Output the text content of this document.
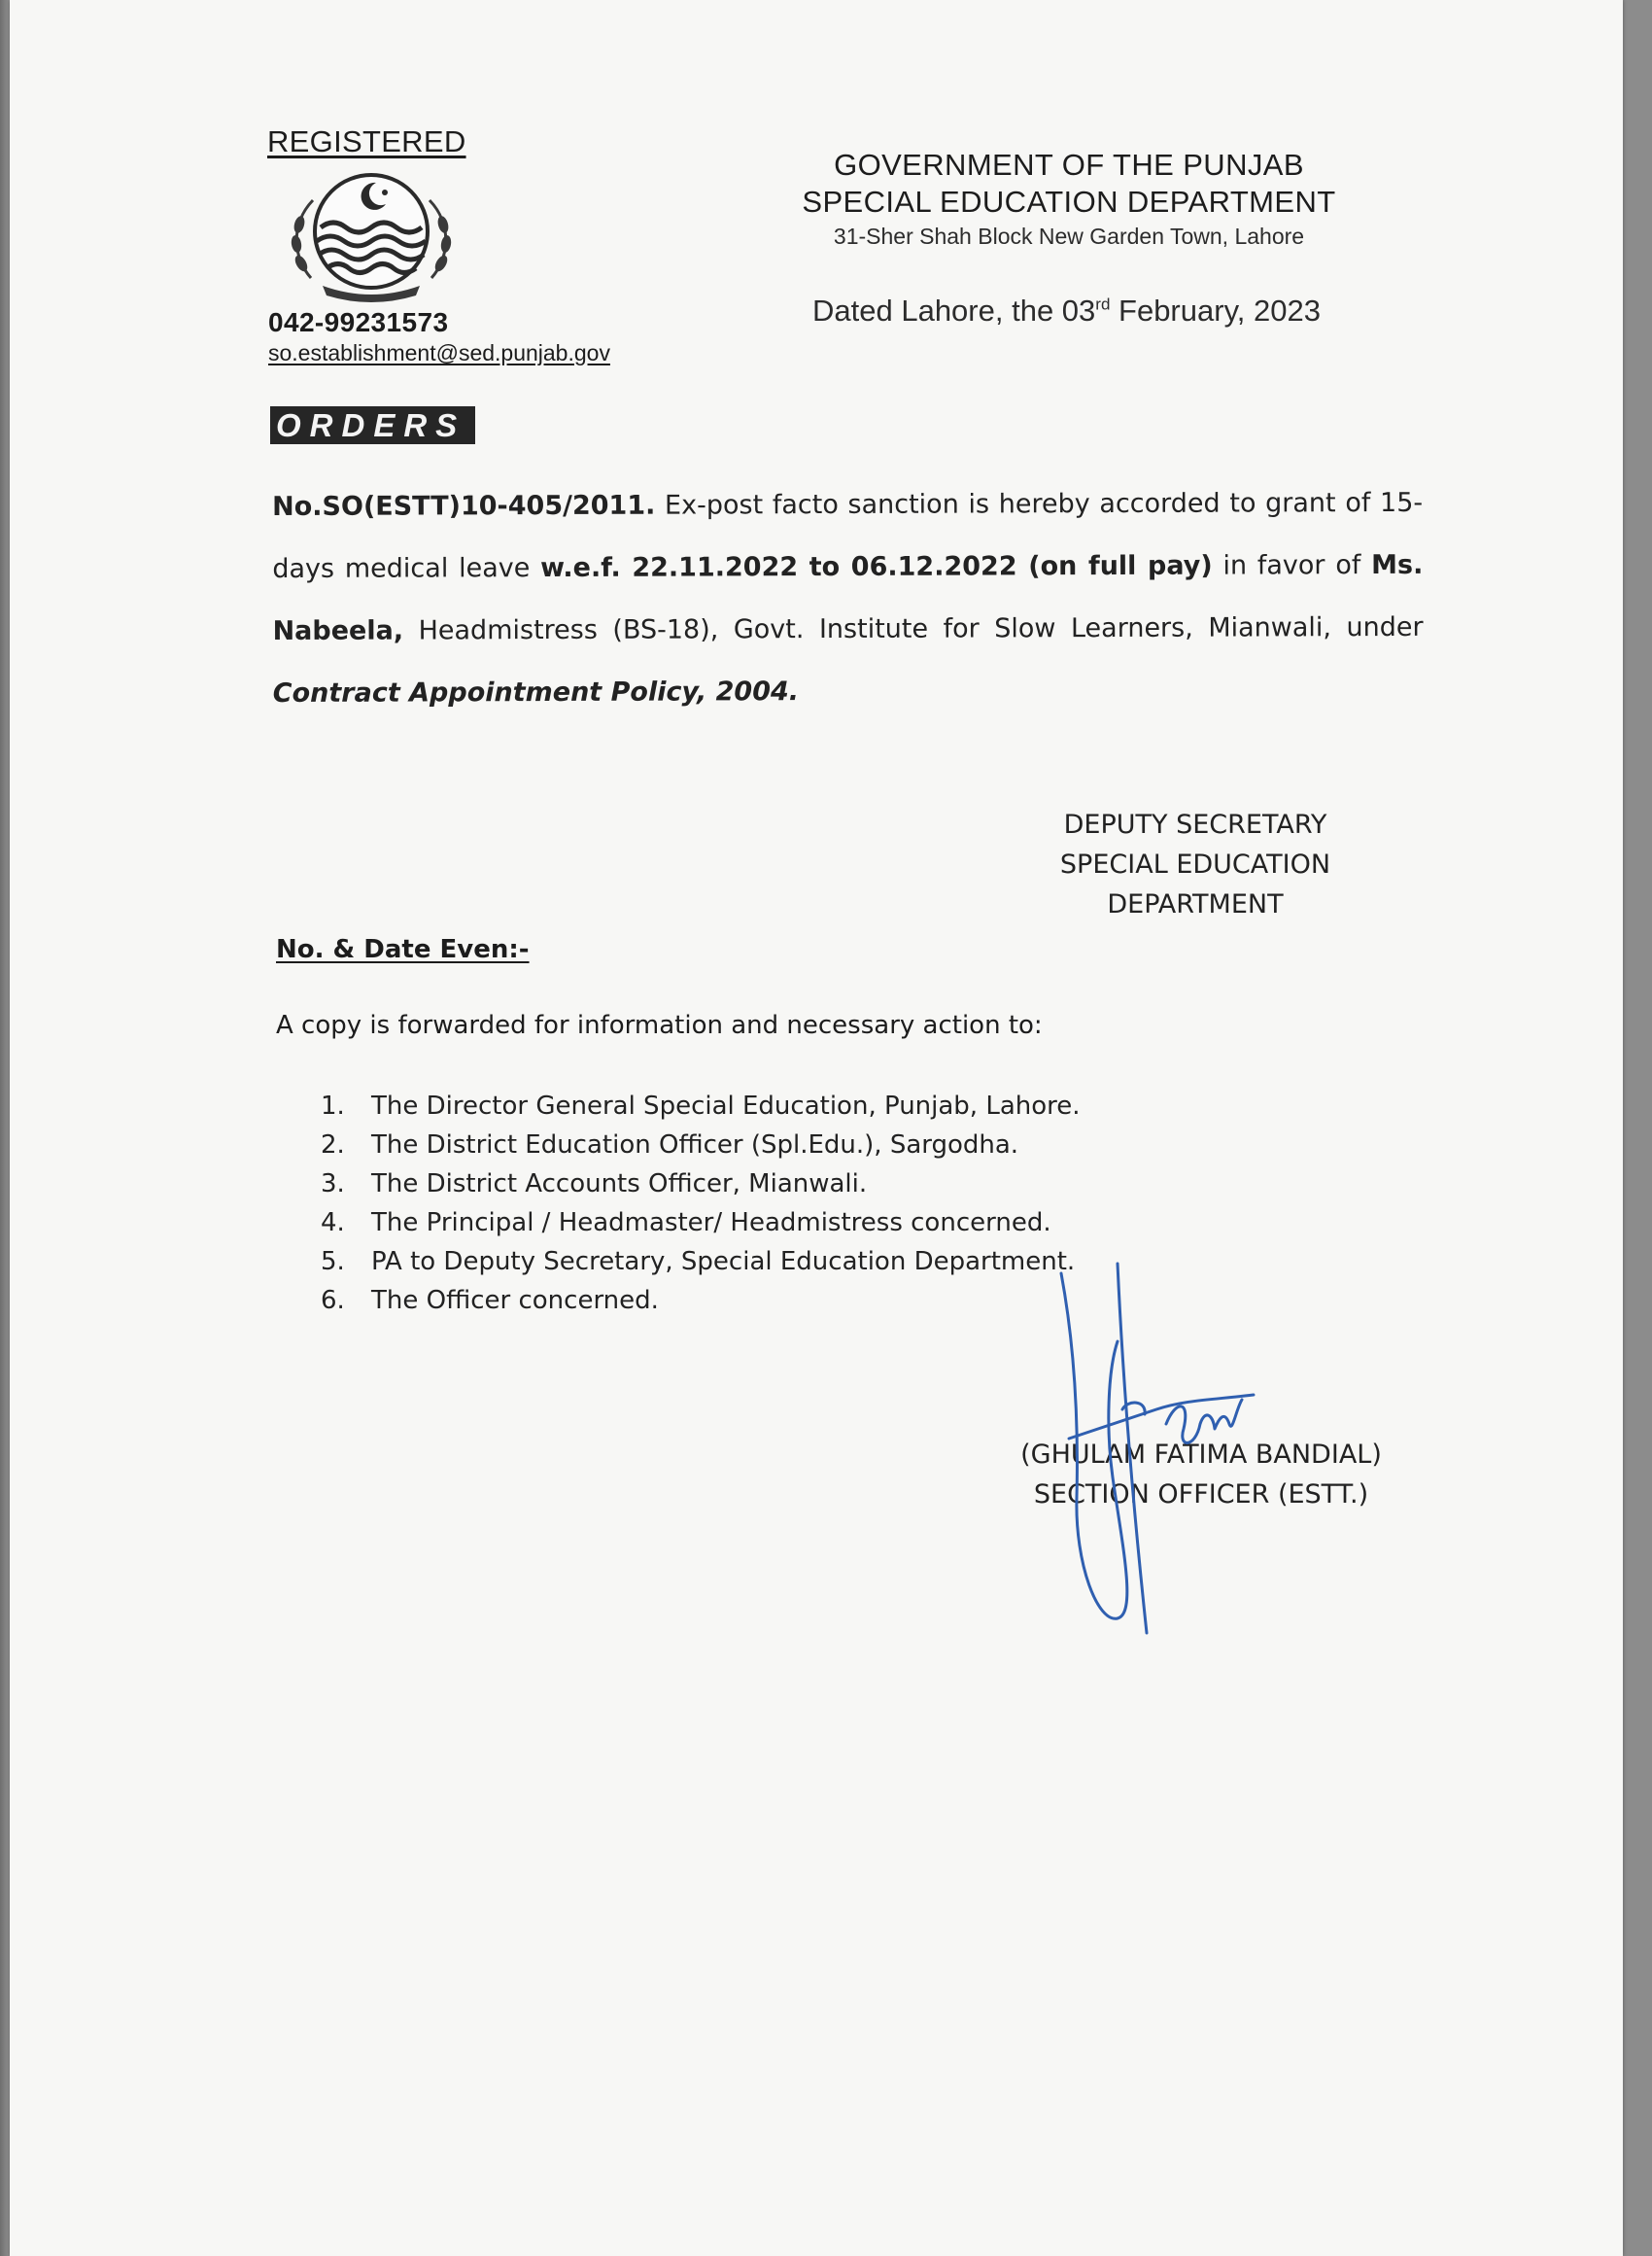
REGISTERED
042-99231573
so.establishment@sed.punjab.gov
GOVERNMENT OF THE PUNJAB
SPECIAL EDUCATION DEPARTMENT
31-Sher Shah Block New Garden Town, Lahore
Dated Lahore, the 03rd February, 2023
ORDERS
No.SO(ESTT)10-405/2011. Ex-post facto sanction is hereby accorded to grant of 15-days medical leave w.e.f. 22.11.2022 to 06.12.2022 (on full pay) in favor of Ms. Nabeela, Headmistress (BS-18), Govt. Institute for Slow Learners, Mianwali, under Contract Appointment Policy, 2004.
DEPUTY SECRETARY
SPECIAL EDUCATION
DEPARTMENT
No. & Date Even:-
A copy is forwarded for information and necessary action to:
1.	The Director General Special Education, Punjab, Lahore.
2.	The District Education Officer (Spl.Edu.), Sargodha.
3.	The District Accounts Officer, Mianwali.
4.	The Principal / Headmaster/ Headmistress concerned.
5.	PA to Deputy Secretary, Special Education Department.
6.	The Officer concerned.
(GHULAM FATIMA BANDIAL)
SECTION OFFICER (ESTT.)
